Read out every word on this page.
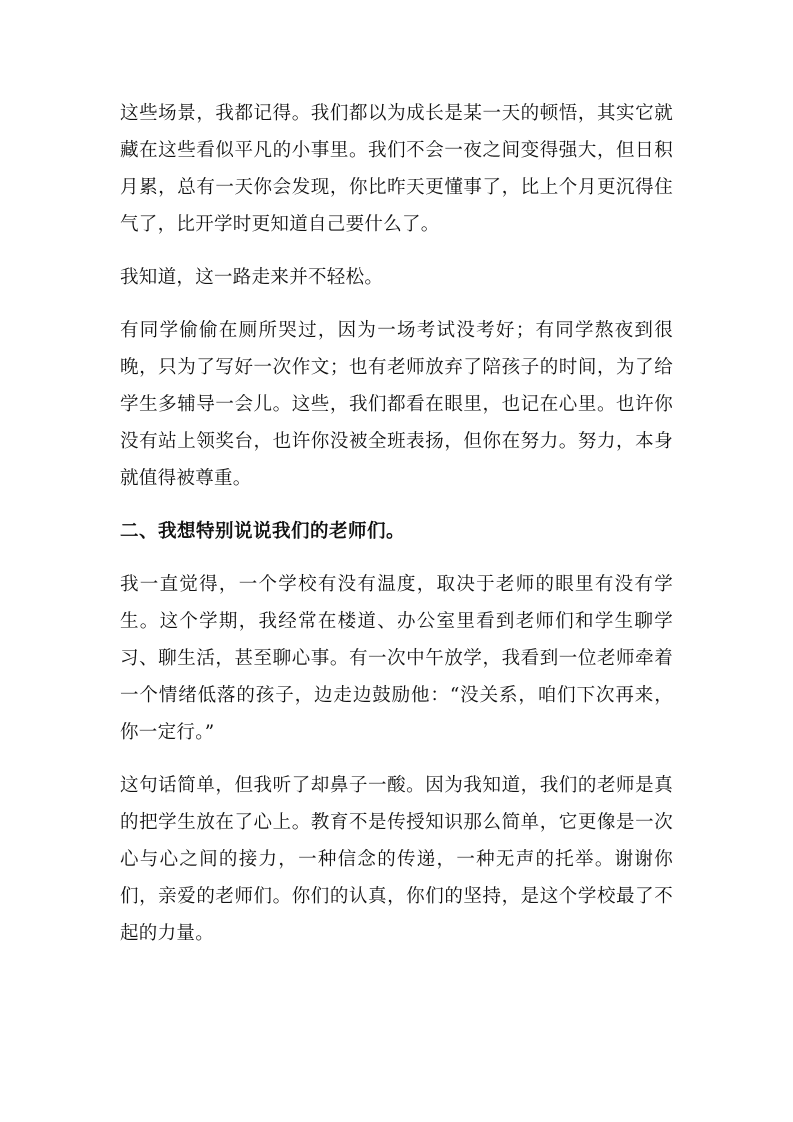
这些场景，我都记得。我们都以为成长是某一天的顿悟，其实它就藏在这些看似平凡的小事里。我们不会一夜之间变得强大，但日积月累，总有一天你会发现，你比昨天更懂事了，比上个月更沉得住气了，比开学时更知道自己要什么了。

我知道，这一路走来并不轻松。

有同学偷偷在厕所哭过，因为一场考试没考好；有同学熬夜到很晚，只为了写好一次作文；也有老师放弃了陪孩子的时间，为了给学生多辅导一会儿。这些，我们都看在眼里，也记在心里。也许你没有站上领奖台，也许你没被全班表扬，但你在努力。努力，本身就值得被尊重。

二、我想特别说说我们的老师们。

我一直觉得，一个学校有没有温度，取决于老师的眼里有没有学生。这个学期，我经常在楼道、办公室里看到老师们和学生聊学习、聊生活，甚至聊心事。有一次中午放学，我看到一位老师牵着一个情绪低落的孩子，边走边鼓励他：“没关系，咱们下次再来，你一定行。”

这句话简单，但我听了却鼻子一酸。因为我知道，我们的老师是真的把学生放在了心上。教育不是传授知识那么简单，它更像是一次心与心之间的接力，一种信念的传递，一种无声的托举。谢谢你们，亲爱的老师们。你们的认真，你们的坚持，是这个学校最了不起的力量。
